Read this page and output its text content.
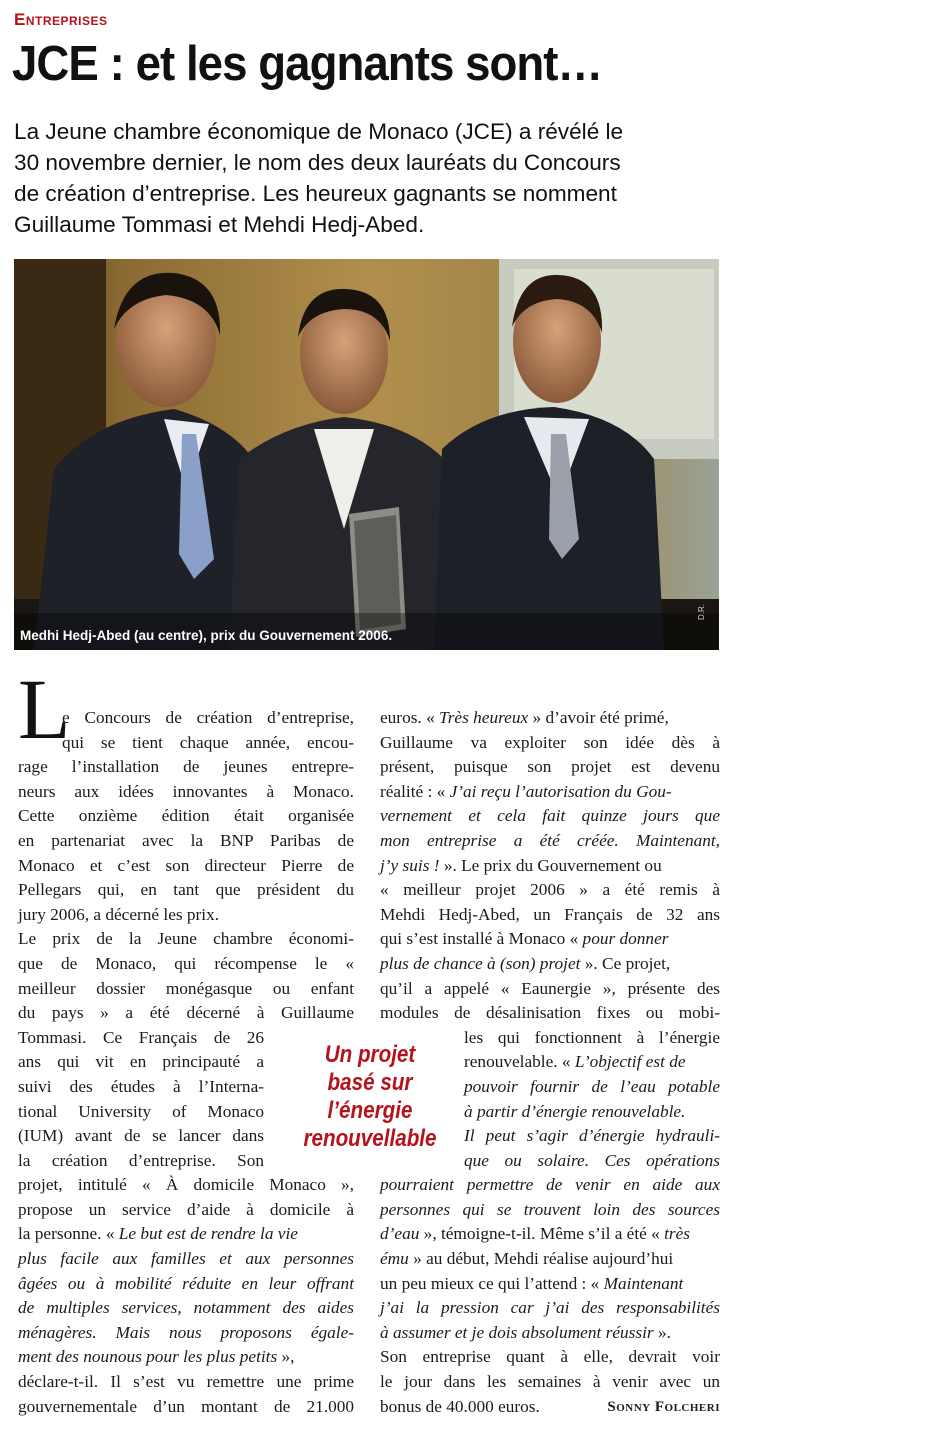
Entreprises
JCE : et les gagnants sont…

La Jeune chambre économique de Monaco (JCE) a révélé le
30 novembre dernier, le nom des deux lauréats du Concours
de création d’entreprise. Les heureux gagnants se nomment
Guillaume Tommasi et Mehdi Hedj-Abed.

Medhi Hedj-Abed (au centre), prix du Gouvernement 2006.
D.R.
L
e Concours de création d’entreprise,
qui se tient chaque année, encou-
rage l’installation de jeunes entrepre-
neurs aux idées innovantes à Monaco.
Cette onzième édition était organisée
en partenariat avec la BNP Paribas de
Monaco et c’est son directeur Pierre de
Pellegars qui, en tant que président du
jury 2006, a décerné les prix.
Le prix de la Jeune chambre économi-
que de Monaco, qui récompense le «
meilleur dossier monégasque ou enfant
du pays » a été décerné à Guillaume
Tommasi. Ce Français de 26
ans qui vit en principauté a
suivi des études à l’Interna-
tional University of Monaco
(IUM) avant de se lancer dans
la création d’entreprise. Son
projet, intitulé « À domicile Monaco »,
propose un service d’aide à domicile à
la personne. « Le but est de rendre la vie
plus facile aux familles et aux personnes
âgées ou à mobilité réduite en leur offrant
de multiples services, notamment des aides
ménagères. Mais nous proposons égale-
ment des nounous pour les plus petits »,
déclare-t-il. Il s’est vu remettre une prime
gouvernementale d’un montant de 21.000
Un projet
basé sur
l’énergie
renouvellable
euros. « Très heureux » d’avoir été primé,
Guillaume va exploiter son idée dès à
présent, puisque son projet est devenu
réalité : « J’ai reçu l’autorisation du Gou-
vernement et cela fait quinze jours que
mon entreprise a été créée. Maintenant,
j’y suis ! ». Le prix du Gouvernement ou
« meilleur projet 2006 » a été remis à
Mehdi Hedj-Abed, un Français de 32 ans
qui s’est installé à Monaco « pour donner
plus de chance à (son) projet ». Ce projet,
qu’il a appelé « Eaunergie », présente des
modules de désalinisation fixes ou mobi-
les qui fonctionnent à l’énergie
renouvelable. « L’objectif est de
pouvoir fournir de l’eau potable
à partir d’énergie renouvelable.
Il peut s’agir d’énergie hydrauli-
que ou solaire. Ces opérations
pourraient permettre de venir en aide aux
personnes qui se trouvent loin des sources
d’eau », témoigne-t-il. Même s’il a été « très
ému » au début, Mehdi réalise aujourd’hui
un peu mieux ce qui l’attend : « Maintenant
j’ai la pression car j’ai des responsabilités
à assumer et je dois absolument réussir ».
Son entreprise quant à elle, devrait voir
le jour dans les semaines à venir avec un
bonus de 40.000 euros.	Sonny Folcheri
